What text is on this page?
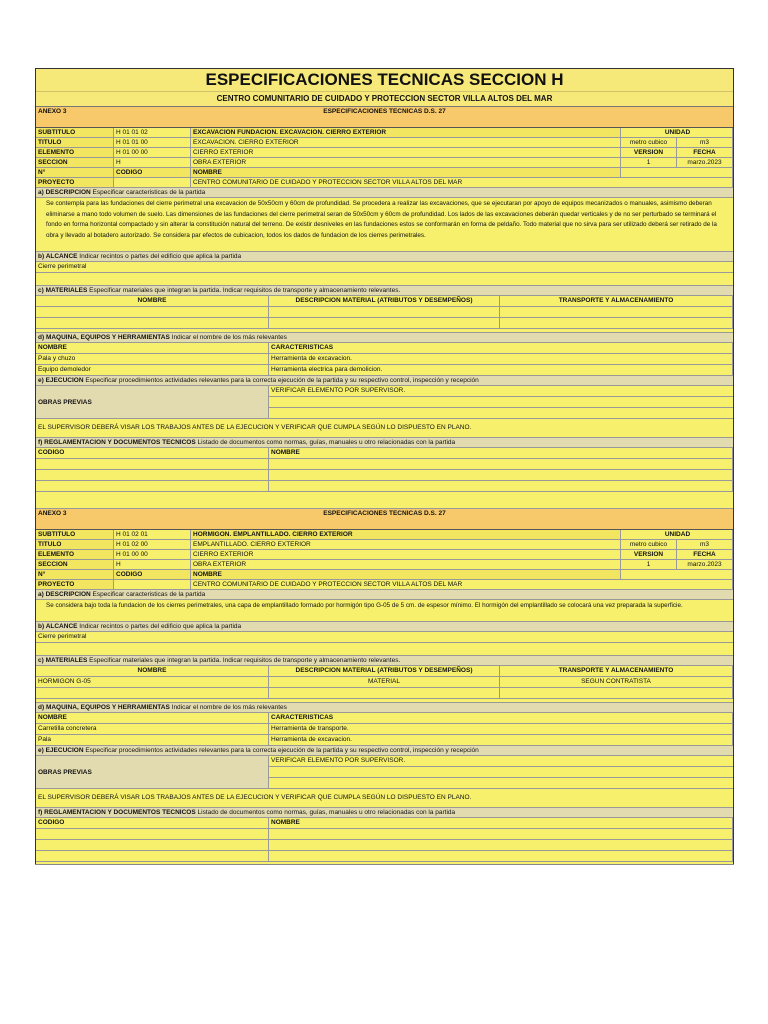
ESPECIFICACIONES TECNICAS SECCION H
CENTRO COMUNITARIO DE CUIDADO Y PROTECCION SECTOR VILLA ALTOS DEL MAR
ANEXO 3	ESPECIFICACIONES TECNICAS D.S. 27
SUBTITULO	H 01 01 02	EXCAVACION FUNDACION. EXCAVACION. CIERRO EXTERIOR	UNIDAD
TITULO	H 01 01 00	EXCAVACION. CIERRO EXTERIOR	metro cubico	m3
ELEMENTO	H 01 00 00	CIERRO EXTERIOR	VERSION	FECHA
SECCION	H	OBRA EXTERIOR	1	marzo.2023
N°	CODIGO	NOMBRE
PROYECTO	CENTRO COMUNITARIO DE CUIDADO Y PROTECCION SECTOR VILLA ALTOS DEL MAR
a) DESCRIPCION Especificar caracteristicas de la partida
Se contempla para las fundaciones del cierre perimetral una excavacion de 50x50cm y 60cm de profundidad. Se procedera a realizar las excavaciones, que se ejecutaran por apoyo de equipos mecanizados o manuales, asimismo deberan eliminarse a mano todo volumen de suelo. Las dimensiones de las fundaciones del cierre perimetral seran de 50x50cm y 60cm de profundidad. Los lados de las excavaciones deberán quedar verticales y de no ser perturbado se terminará el fondo en forma horizontal compactado y sin alterar la constitución natural del terreno. De existir desniveles en las fundaciones estos se conformarán en forma de peldaño. Todo material que no sirva para ser utilizado deberá ser retirado de la obra y llevado al botadero autorizado. Se considera par efectos de cubicacion, todos los dados de fundacion de los cierres perimetrales.
b) ALCANCE Indicar recintos o partes del edificio que aplica la partida
Cierre perimetral
c) MATERIALES Especificar materiales que integran la partida. Indicar requisitos de transporte y almacenamiento relevantes.
NOMBRE	DESCRIPCION MATERIAL (ATRIBUTOS Y DESEMPEÑOS)	TRANSPORTE Y ALMACENAMIENTO
d) MAQUINA, EQUIPOS Y HERRAMIENTAS Indicar el nombre de los más relevantes
NOMBRE	CARACTERISTICAS
Pala y chuzo	Herramienta de excavacion.
Equipo demoledor	Herramienta electrica para demolicion.
e) EJECUCION Especificar procedimientos actividades relevantes para la correcta ejecución de la partida y su respectivo control, inspección y recepción
OBRAS PREVIAS
VERIFICAR ELEMENTO POR SUPERVISOR.
EL SUPERVISOR DEBERÁ VISAR LOS TRABAJOS ANTES DE LA EJECUCION Y VERIFICAR QUE CUMPLA SEGÚN LO DISPUESTO EN PLANO.
f) REGLAMENTACION Y DOCUMENTOS TECNICOS Listado de documentos como normas, guías, manuales u otro relacionadas con la partida
CODIGO	NOMBRE
ANEXO 3	ESPECIFICACIONES TECNICAS D.S. 27
SUBTITULO	H 01 02 01	HORMIGON. EMPLANTILLADO. CIERRO EXTERIOR	UNIDAD
TITULO	H 01 02 00	EMPLANTILLADO. CIERRO EXTERIOR	metro cubico	m3
ELEMENTO	H 01 00 00	CIERRO EXTERIOR	VERSION	FECHA
SECCION	H	OBRA EXTERIOR	1	marzo.2023
N°	CODIGO	NOMBRE
PROYECTO	CENTRO COMUNITARIO DE CUIDADO Y PROTECCION SECTOR VILLA ALTOS DEL MAR
a) DESCRIPCION Especificar caracteristicas de la partida
Se considera bajo toda la fundacion de los cierres perimetrales, una capa de emplantillado formado por hormigón tipo G-05 de 5 cm. de espesor mínimo. El hormigón del emplantillado se colocará una vez preparada la superficie.
b) ALCANCE Indicar recintos o partes del edificio que aplica la partida
Cierre perimetral
c) MATERIALES Especificar materiales que integran la partida. Indicar requisitos de transporte y almacenamiento relevantes.
NOMBRE	DESCRIPCION MATERIAL (ATRIBUTOS Y DESEMPEÑOS)	TRANSPORTE Y ALMACENAMIENTO
HORMIGON G-05	MATERIAL	SEGUN CONTRATISTA
d) MAQUINA, EQUIPOS Y HERRAMIENTAS Indicar el nombre de los más relevantes
NOMBRE	CARACTERISTICAS
Carretilla concretera	Herramienta de transporte.
Pala	Herramienta de excavacion.
e) EJECUCION Especificar procedimientos actividades relevantes para la correcta ejecución de la partida y su respectivo control, inspección y recepción
OBRAS PREVIAS
VERIFICAR ELEMENTO POR SUPERVISOR.
EL SUPERVISOR DEBERÁ VISAR LOS TRABAJOS ANTES DE LA EJECUCION Y VERIFICAR QUE CUMPLA SEGÚN LO DISPUESTO EN PLANO.
f) REGLAMENTACION Y DOCUMENTOS TECNICOS Listado de documentos como normas, guías, manuales u otro relacionadas con la partida
CODIGO	NOMBRE
